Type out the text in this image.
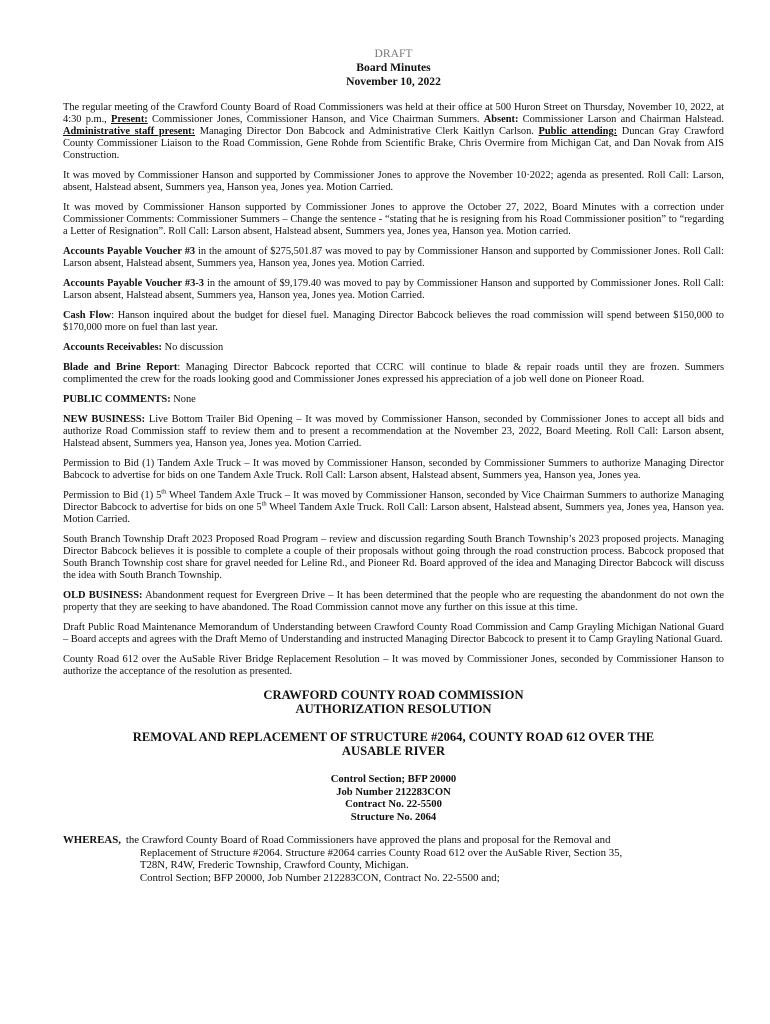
DRAFT
Board Minutes
November 10, 2022

The regular meeting of the Crawford County Board of Road Commissioners was held at their office at 500 Huron Street on Thursday, November 10, 2022, at 4:30 p.m., Present: Commissioner Jones, Commissioner Hanson, and Vice Chairman Summers. Absent: Commissioner Larson and Chairman Halstead. Administrative staff present: Managing Director Don Babcock and Administrative Clerk Kaitlyn Carlson. Public attending: Duncan Gray Crawford County Commissioner Liaison to the Road Commission, Gene Rohde from Scientific Brake, Chris Overmire from Michigan Cat, and Dan Novak from AIS Construction.

It was moved by Commissioner Hanson and supported by Commissioner Jones to approve the November 10·2022; agenda as presented. Roll Call: Larson, absent, Halstead absent, Summers yea, Hanson yea, Jones yea. Motion Carried.

It was moved by Commissioner Hanson supported by Commissioner Jones to approve the October 27, 2022, Board Minutes with a correction under Commissioner Comments: Commissioner Summers – Change the sentence - “stating that he is resigning from his Road Commissioner position” to “regarding a Letter of Resignation”. Roll Call: Larson absent, Halstead absent, Summers yea, Jones yea, Hanson yea. Motion carried.

Accounts Payable Voucher #3 in the amount of $275,501.87 was moved to pay by Commissioner Hanson and supported by Commissioner Jones. Roll Call: Larson absent, Halstead absent, Summers yea, Hanson yea, Jones yea. Motion Carried.

Accounts Payable Voucher #3-3 in the amount of $9,179.40 was moved to pay by Commissioner Hanson and supported by Commissioner Jones. Roll Call: Larson absent, Halstead absent, Summers yea, Hanson yea, Jones yea. Motion Carried.

Cash Flow: Hanson inquired about the budget for diesel fuel. Managing Director Babcock believes the road commission will spend between $150,000 to $170,000 more on fuel than last year.

Accounts Receivables: No discussion

Blade and Brine Report: Managing Director Babcock reported that CCRC will continue to blade & repair roads until they are frozen. Summers complimented the crew for the roads looking good and Commissioner Jones expressed his appreciation of a job well done on Pioneer Road.

PUBLIC COMMENTS: None

NEW BUSINESS: Live Bottom Trailer Bid Opening – It was moved by Commissioner Hanson, seconded by Commissioner Jones to accept all bids and authorize Road Commission staff to review them and to present a recommendation at the November 23, 2022, Board Meeting. Roll Call: Larson absent, Halstead absent, Summers yea, Hanson yea, Jones yea. Motion Carried.

Permission to Bid (1) Tandem Axle Truck – It was moved by Commissioner Hanson, seconded by Commissioner Summers to authorize Managing Director Babcock to advertise for bids on one Tandem Axle Truck. Roll Call: Larson absent, Halstead absent, Summers yea, Hanson yea, Jones yea.

Permission to Bid (1) 5th Wheel Tandem Axle Truck – It was moved by Commissioner Hanson, seconded by Vice Chairman Summers to authorize Managing Director Babcock to advertise for bids on one 5th Wheel Tandem Axle Truck. Roll Call: Larson absent, Halstead absent, Summers yea, Jones yea, Hanson yea. Motion Carried.

South Branch Township Draft 2023 Proposed Road Program – review and discussion regarding South Branch Township’s 2023 proposed projects. Managing Director Babcock believes it is possible to complete a couple of their proposals without going through the road construction process. Babcock proposed that South Branch Township cost share for gravel needed for Leline Rd., and Pioneer Rd. Board approved of the idea and Managing Director Babcock will discuss the idea with South Branch Township.

OLD BUSINESS: Abandonment request for Evergreen Drive – It has been determined that the people who are requesting the abandonment do not own the property that they are seeking to have abandoned. The Road Commission cannot move any further on this issue at this time.

Draft Public Road Maintenance Memorandum of Understanding between Crawford County Road Commission and Camp Grayling Michigan National Guard – Board accepts and agrees with the Draft Memo of Understanding and instructed Managing Director Babcock to present it to Camp Grayling National Guard.

County Road 612 over the AuSable River Bridge Replacement Resolution – It was moved by Commissioner Jones, seconded by Commissioner Hanson to authorize the acceptance of the resolution as presented.

CRAWFORD COUNTY ROAD COMMISSION
AUTHORIZATION RESOLUTION
REMOVAL AND REPLACEMENT OF STRUCTURE #2064, COUNTY ROAD 612 OVER THE
AUSABLE RIVER
Control Section; BFP 20000
Job Number 212283CON
Contract No. 22-5500
Structure No. 2064
WHEREAS, the Crawford County Board of Road Commissioners have approved the plans and proposal for the Removal and
Replacement of Structure #2064. Structure #2064 carries County Road 612 over the AuSable River, Section 35,
T28N, R4W, Frederic Township, Crawford County, Michigan.
Control Section; BFP 20000, Job Number 212283CON, Contract No. 22-5500 and;
